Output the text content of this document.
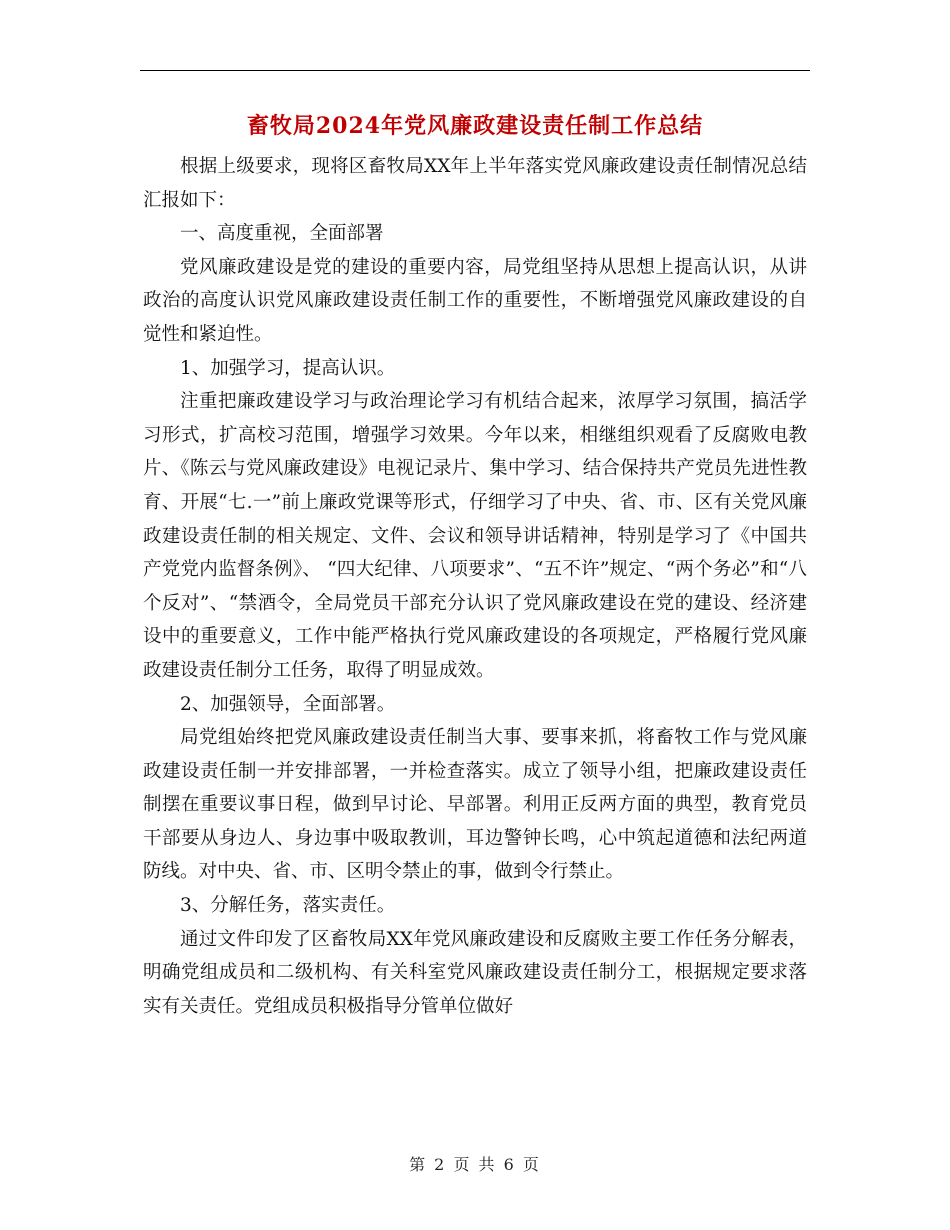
畜牧局2024年党风廉政建设责任制工作总结

根据上级要求，现将区畜牧局XX年上半年落实党风廉政建设责任制情况总结汇报如下：

一、高度重视，全面部署

党风廉政建设是党的建设的重要内容，局党组坚持从思想上提高认识，从讲政治的高度认识党风廉政建设责任制工作的重要性，不断增强党风廉政建设的自觉性和紧迫性。

1、加强学习，提高认识。

注重把廉政建设学习与政治理论学习有机结合起来，浓厚学习氛围，搞活学习形式，扩高校习范围，增强学习效果。今年以来，相继组织观看了反腐败电教片、《陈云与党风廉政建设》电视记录片、集中学习、结合保持共产党员先进性教育、开展“七.一”前上廉政党课等形式，仔细学习了中央、省、市、区有关党风廉政建设责任制的相关规定、文件、会议和领导讲话精神，特别是学习了《中国共产党党内监督条例》、 “四大纪律、八项要求”、“五不许”规定、“两个务必”和“八个反对”、“禁酒令，全局党员干部充分认识了党风廉政建设在党的建设、经济建设中的重要意义，工作中能严格执行党风廉政建设的各项规定，严格履行党风廉政建设责任制分工任务，取得了明显成效。

2、加强领导，全面部署。

局党组始终把党风廉政建设责任制当大事、要事来抓，将畜牧工作与党风廉政建设责任制一并安排部署，一并检查落实。成立了领导小组，把廉政建设责任制摆在重要议事日程，做到早讨论、早部署。利用正反两方面的典型，教育党员干部要从身边人、身边事中吸取教训，耳边警钟长鸣，心中筑起道德和法纪两道防线。对中央、省、市、区明令禁止的事，做到令行禁止。

3、分解任务，落实责任。

通过文件印发了区畜牧局XX年党风廉政建设和反腐败主要工作任务分解表，明确党组成员和二级机构、有关科室党风廉政建设责任制分工，根据规定要求落实有关责任。党组成员积极指导分管单位做好

第 2 页 共 6 页
